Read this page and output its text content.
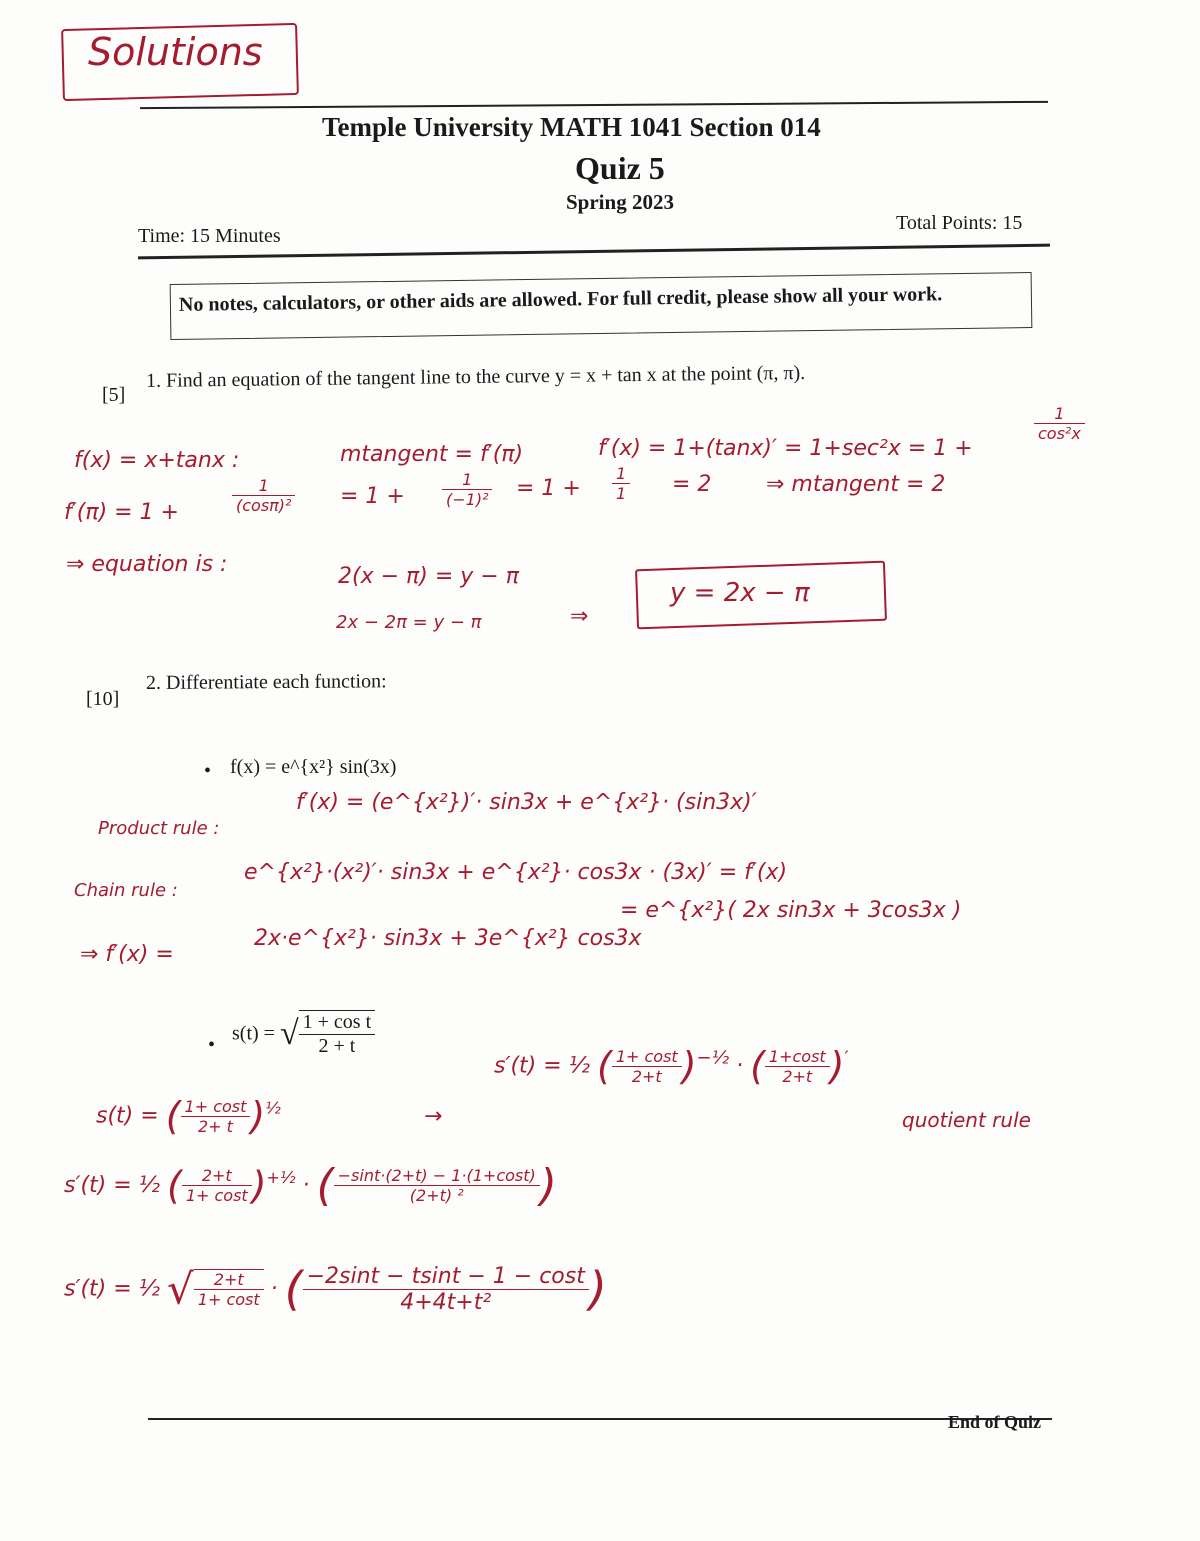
Solutions
Temple University MATH 1041 Section 014
Quiz 5
Spring 2023
Time: 15 Minutes
Total Points: 15
No notes, calculators, or other aids are allowed. For full credit, please show all your work.
[5]
1. Find an equation of the tangent line to the curve y = x + tan x at the point (π, π).
f(x) = x+tanx :	mtangent = f′(π)	f′(x) = 1+(tanx)′ = 1+sec²x = 1 +
$\frac{1}{\text{cos²x}}$
f′(π) = 1 +	$\frac{1}{\text{(cosπ)²}} = 1 + \frac{1}{\text{(−1)²}} = 1 + \frac{1}{1} = 2$ ⇒ mtangent = 2
⇒ equation is :	2(x − π) = y − π
2x − 2π = y − π	⇒
y = 2x − π
[10]
2. Differentiate each function:
• f(x) = e^{x²} sin(3x)
Product rule :
f′(x) = (e^{x²})′· sin3x + e^{x²}· (sin3x)′
Chain rule :
e^{x²}·(x²)′· sin3x + e^{x²}· cos3x · (3x)′ = f′(x)
⇒ f′(x) =
2x·e^{x²}· sin3x + 3e^{x²} cos3x
= e^{x²}( 2x sin3x + 3cos3x )
•
s(t) = √ $\frac{\text{1 + cos t}}{2 + t}$
s(t) = ( $\frac{1+ \cos t}{2+ t} )^{\frac{1}{2}}$	→
s′(t) = ½ ( $\frac{1+ \cos t}{2+t} )^{-\frac{1}{2}}$ · ( $\frac{1+\cos t}{2+t} )'$
quotient rule
s′(t) = ½ ( $\frac{2+t}{1+ \cos t} )^{+\frac{1}{2}}$ · ( $\frac{-\sin t\cdot(2+t) - 1\cdot(1+\cos t)}{\text{(2+t) ²}}$ )
s′(t) = ½ √ $\frac{2+t}{1+ \cos t}$ · ( $\frac{-2\sin t - tsint - 1 - \cos t}{\text{4+4t+t²}}$ )
End of Quiz
